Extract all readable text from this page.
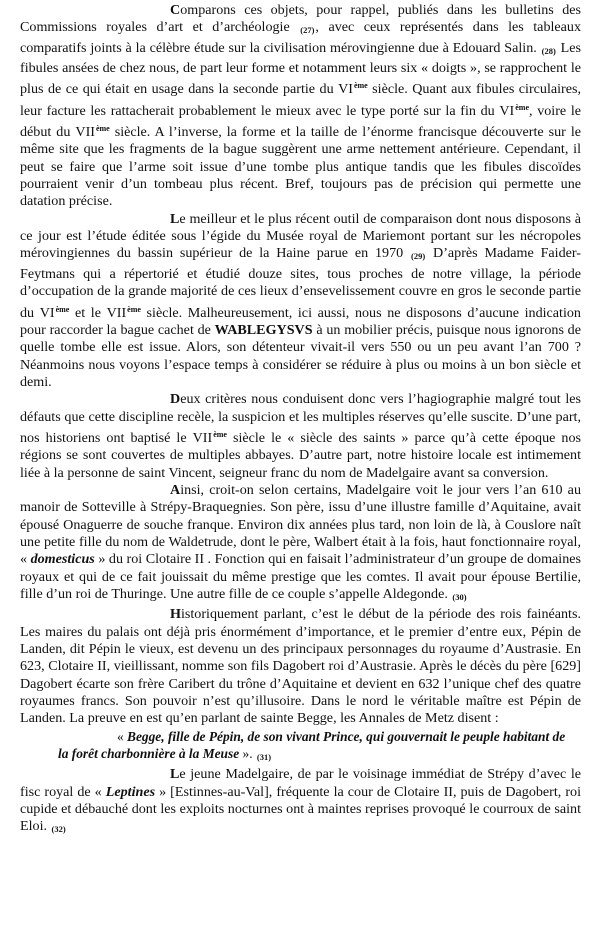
Comparons ces objets, pour rappel, publiés dans les bulletins des Commissions royales d’art et d’archéologie (27), avec ceux représentés dans les tableaux comparatifs joints à la célèbre étude sur la civilisation mérovingienne due à Edouard Salin. (28) Les fibules ansées de chez nous, de part leur forme et notamment leurs six « doigts », se rapprochent le plus de ce qui était en usage dans la seconde partie du VIème siècle. Quant aux fibules circulaires, leur facture les rattacherait probablement le mieux avec le type porté sur la fin du VIème, voire le début du VIIème siècle. A l’inverse, la forme et la taille de l’énorme francisque découverte sur le même site que les fragments de la bague suggèrent une arme nettement antérieure. Cependant, il peut se faire que l’arme soit issue d’une tombe plus antique tandis que les fibules discoïdes pourraient venir d’un tombeau plus récent. Bref, toujours pas de précision qui permette une datation précise.

Le meilleur et le plus récent outil de comparaison dont nous disposons à ce jour est l’étude éditée sous l’égide du Musée royal de Mariemont portant sur les nécropoles mérovingiennes du bassin supérieur de la Haine parue en 1970 (29) D’après Madame Faider-Feytmans qui a répertorié et étudié douze sites, tous proches de notre village, la période d’occupation de la grande majorité de ces lieux d’ensevelissement couvre en gros le seconde partie du VIème et le VIIème siècle. Malheureusement, ici aussi, nous ne disposons d’aucune indication pour raccorder la bague cachet de WABLEGYSVS à un mobilier précis, puisque nous ignorons de quelle tombe elle est issue. Alors, son détenteur vivait-il vers 550 ou un peu avant l’an 700 ? Néanmoins nous voyons l’espace temps à considérer se réduire à plus ou moins à un bon siècle et demi.

Deux critères nous conduisent donc vers l’hagiographie malgré tout les défauts que cette discipline recèle, la suspicion et les multiples réserves qu’elle suscite. D’une part, nos historiens ont baptisé le VIIème siècle le « siècle des saints » parce qu’à cette époque nos régions se sont couvertes de multiples abbayes. D’autre part, notre histoire locale est intimement liée à la personne de saint Vincent, seigneur franc du nom de Madelgaire avant sa conversion.

Ainsi, croit-on selon certains, Madelgaire voit le jour vers l’an 610 au manoir de Sotteville à Strépy-Braquegnies. Son père, issu d’une illustre famille d’Aquitaine, avait épousé Onaguerre de souche franque. Environ dix années plus tard, non loin de là, à Couslore naît une petite fille du nom de Waldetrude, dont le père, Walbert était à la fois, haut fonctionnaire royal, « domesticus » du roi Clotaire II . Fonction qui en faisait l’administrateur d’un groupe de domaines royaux et qui de ce fait jouissait du même prestige que les comtes. Il avait pour épouse Bertilie, fille d’un roi de Thuringe. Une autre fille de ce couple s’appelle Aldegonde. (30)

Historiquement parlant, c’est le début de la période des rois fainéants. Les maires du palais ont déjà pris énormément d’importance, et le premier d’entre eux, Pépin de Landen, dit Pépin le vieux, est devenu un des principaux personnages du royaume d’Austrasie. En 623, Clotaire II, vieillissant, nomme son fils Dagobert roi d’Austrasie. Après le décès du père [629] Dagobert écarte son frère Caribert du trône d’Aquitaine et devient en 632 l’unique chef des quatre royaumes francs. Son pouvoir n’est qu’illusoire. Dans le nord le véritable maître est Pépin de Landen. La preuve en est qu’en parlant de sainte Begge, les Annales de Metz disent :

« Begge, fille de Pépin, de son vivant Prince, qui gouvernait le peuple habitant de

la forêt charbonnière à la Meuse ». (31)

Le jeune Madelgaire, de par le voisinage immédiat de Strépy d’avec le fisc royal de « Leptines » [Estinnes-au-Val], fréquente la cour de Clotaire II, puis de Dagobert, roi cupide et débauché dont les exploits nocturnes ont à maintes reprises provoqué le courroux de saint Eloi. (32)
